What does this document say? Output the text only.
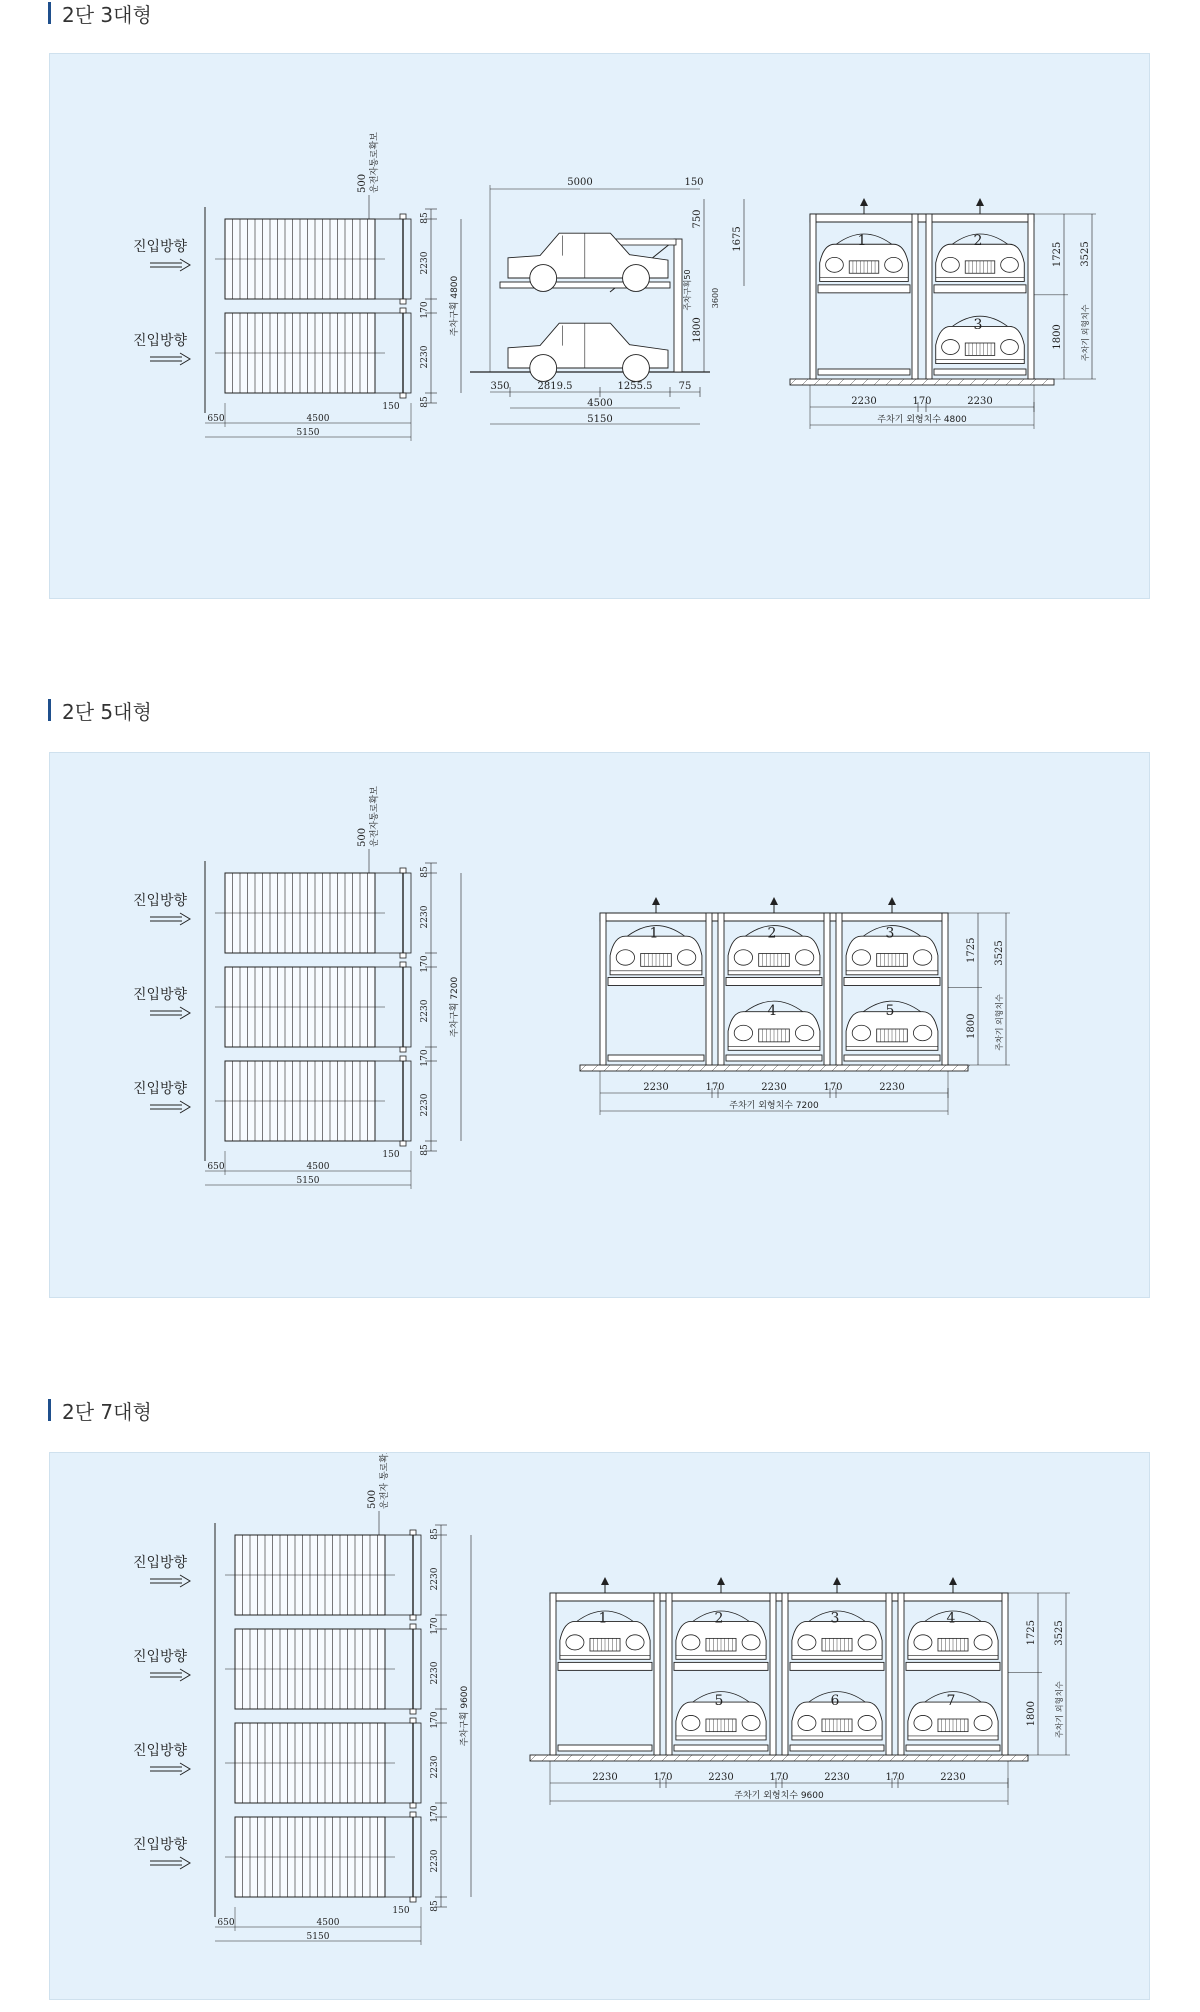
2단 3대형
2단 5대형
2단 7대형
500 운전자통로확보
진입방향
진입방향
85
2230
170
2230
85
주차구획 4800
650	4500
5150
150
5000	150
750
1675
1800
주차구획50 3600
350	2819.5	1255.5	75
4500
5150
1	2
3
2230	170	2230
주차기 외형치수 4800
1725
1800
3525
주차기 외형치수
500 운전자통로확보
진입방향
진입방향
진입방향
85
2230
170
2230
170
2230
85
주차구획 7200
650	4500
5150
150
1	2	3
4	5
2230	170	2230	170	2230
주차기 외형치수 7200
1725
1800
3525
주차기 외형치수
500 운전자 통로확보
진입방향
진입방향
진입방향
진입방향
85
2230
170
2230
170
2230
170
2230
85
주차구획 9600
650	4500
5150
150
1	2	3	4
5	6	7
2230	170	2230	170	2230	170	2230
주차기 외형치수 9600
1725
1800
3525
주차기 외형치수
